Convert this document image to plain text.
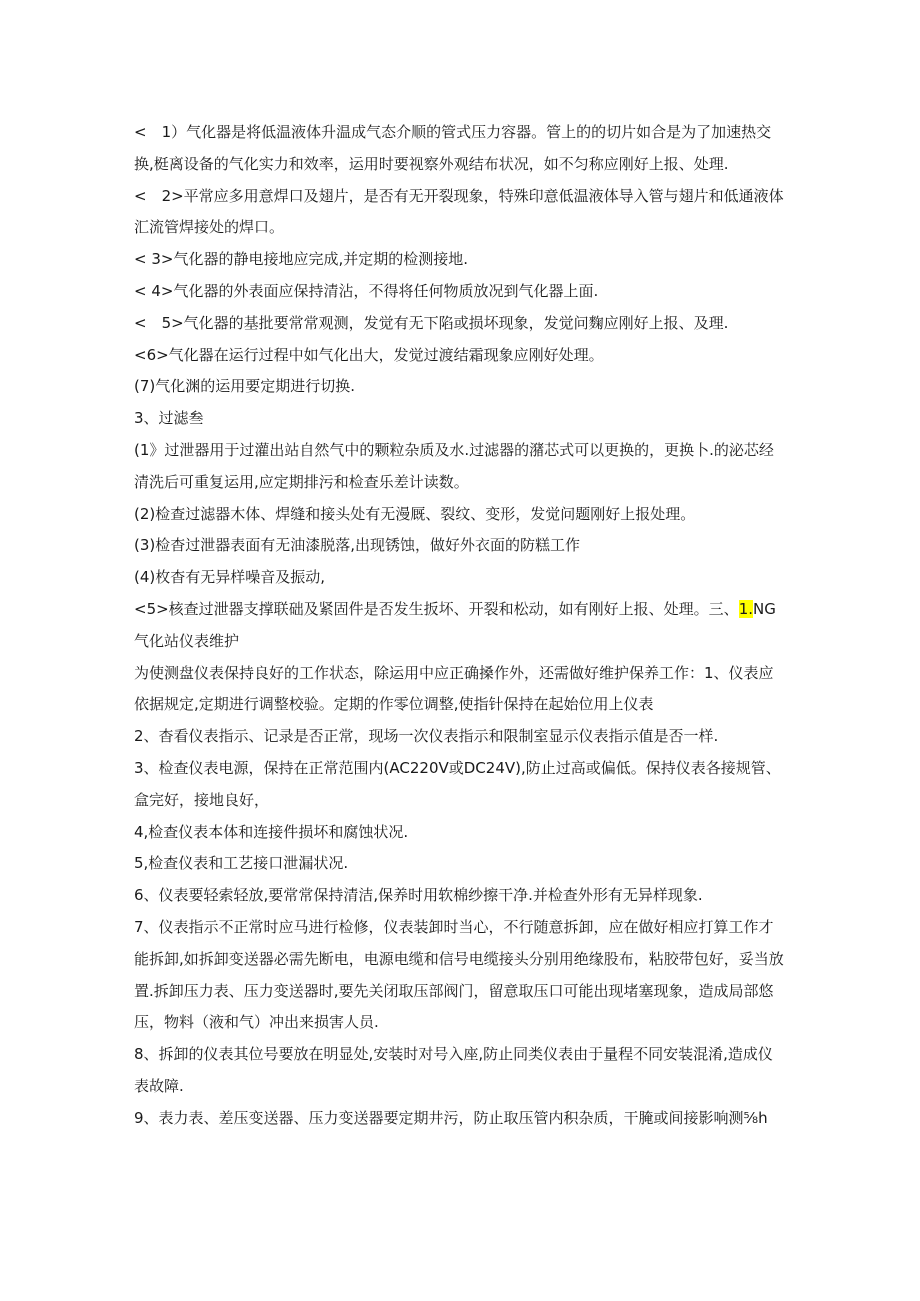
<　1）气化器是将低温液体升温成气态介顺的管式压力容器。管上的的切片如合是为了加速热交换,梃离设备的气化实力和效率，运用时要视察外观结布状况，如不匀称应刚好上报、处理.

<　2>平常应多用意焊口及翅片，是否有无开裂现象，特殊印意低温液体导入管与翅片和低通液体汇流管焊接处的焊口。

< 3>气化器的静电接地应完成,并定期的检测接地.

< 4>气化器的外表面应保持清沾，不得将任何物质放况到气化器上面.

<　5>气化器的基批要常常观测，发觉有无下陷或损坏现象，发觉问麴应刚好上报、及理.

<6>气化器在运行过程中如气化出大，发觉过渡结霜现象应刚好处理。

(7)气化渊的运用要定期进行切换.

3、过滤叁

(1》过泄器用于过灌出站自然气中的颗粒杂质及水.过滤器的潴芯式可以更换的，更换卜.的泌芯经清洗后可重复运用,应定期排污和检查乐差计读数。

(2)检查过滤器木体、焊缝和接头处有无漫厩、裂纹、变形，发觉问题刚好上报处理。

(3)检杳过泄器表面有无油漆脱落,出现锈蚀，做好外衣面的防糕工作

(4)枚杳有无异样噪音及振动,

<5>核查过泄器支撑联础及紧固件是否发生扳坏、开裂和松动，如有刚好上报、处理。三、1.NG气化站仪表维护

为使测盘仪表保持良好的工作状态，除运用中应正确搡作外，还需做好维护保养工作：1、仪表应依据规定,定期进行调整校验。定期的作零位调整,使指针保持在起始位用上仪表

2、杳看仪表指示、记录是否正常，现场一次仪表指示和限制室显示仪表指示值是否一样.

3、检查仪表电源，保持在正常范围内(AC220V或DC24V),防止过高或偏低。保持仪表各接规管、盒完好，接地良好，

4,检查仪表本体和连接件损坏和腐蚀状况.

5,检查仪表和工艺接口泄漏状况.

6、仪表要轻索轻放,要常常保持清洁,保养时用软棉纱擦干净.并检查外形有无异样现象.

7、仪表指示不正常时应马进行检修，仪表装卸时当心，不行随意拆卸，应在做好相应打算工作才能拆卸,如拆卸变送器必需先断电，电源电缆和信号电缆接头分别用绝缘股布，粘胶带包好，妥当放置.拆卸压力表、压力变送器时,要先关闭取压部阀门，留意取压口可能出现堵塞现象，造成局部悠压，物料（液和气）冲出来损害人员.

8、拆卸的仪表其位号要放在明显处,安装时对号入座,防止同类仪表由于量程不同安装混淆,造成仪表故障.

9、表力表、差压变送器、压力变送器要定期井污，防止取压管内积杂质，干腌或间接影响测⅝h
